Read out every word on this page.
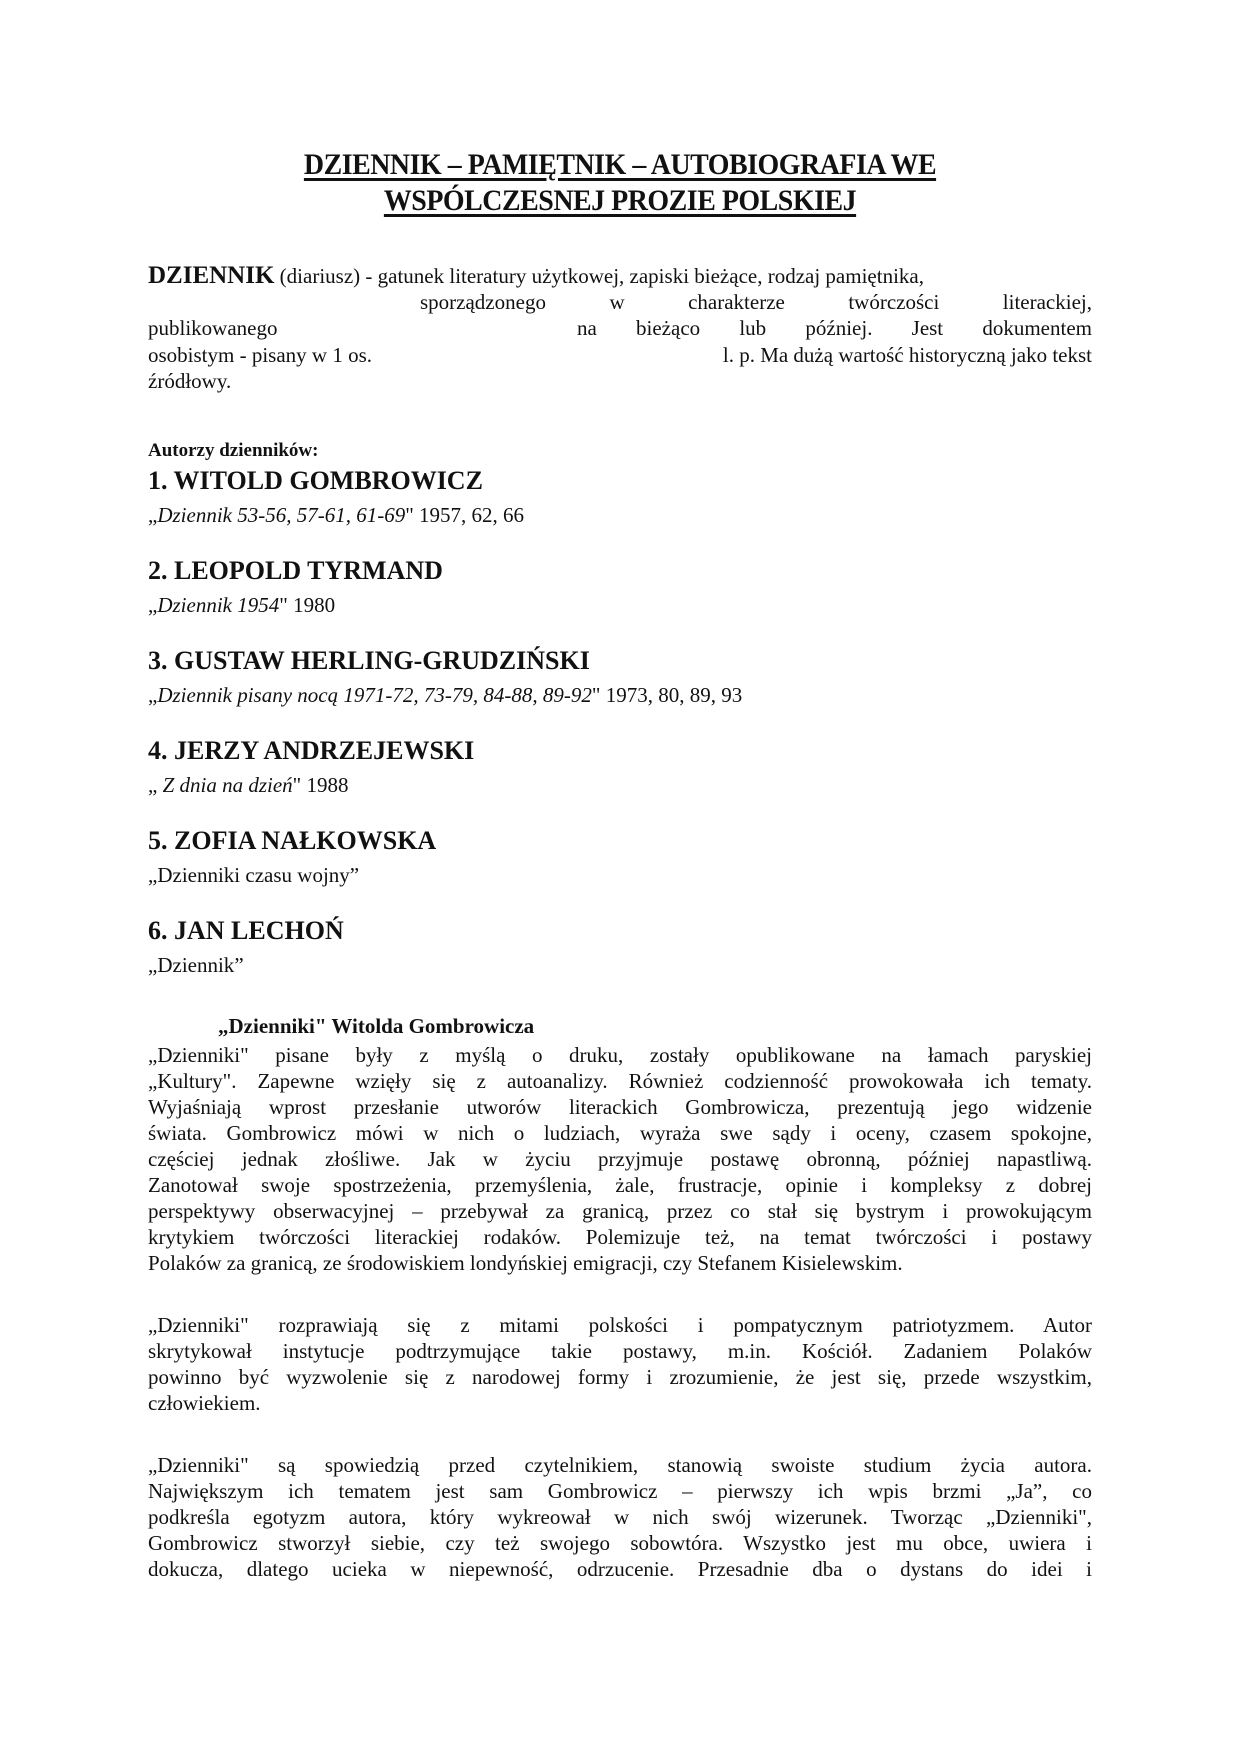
DZIENNIK – PAMIĘTNIK – AUTOBIOGRAFIA WE
WSPÓLCZESNEJ PROZIE POLSKIEJ
DZIENNIK (diariusz) - gatunek literatury użytkowej, zapiski bieżące, rodzaj pamiętnika,
sporządzonego w charakterze twórczości literackiej,
publikowanego	na bieżąco lub później. Jest dokumentem
osobistym - pisany w 1 os.	l. p. Ma dużą wartość historyczną jako tekst
źródłowy.
Autorzy dzienników:
1. WITOLD GOMBROWICZ
„Dziennik 53-56, 57-61, 61-69" 1957, 62, 66
2. LEOPOLD TYRMAND
„Dziennik 1954" 1980
3. GUSTAW HERLING-GRUDZIŃSKI
„Dziennik pisany nocą 1971-72, 73-79, 84-88, 89-92" 1973, 80, 89, 93
4. JERZY ANDRZEJEWSKI
„ Z dnia na dzień" 1988
5. ZOFIA NAŁKOWSKA
„Dzienniki czasu wojny”
6. JAN LECHOŃ
„Dziennik”
„Dzienniki" Witolda Gombrowicza
„Dzienniki" pisane były z myślą o druku, zostały opublikowane na łamach paryskiej
„Kultury". Zapewne wzięły się z autoanalizy. Również codzienność prowokowała ich tematy.
Wyjaśniają wprost przesłanie utworów literackich Gombrowicza, prezentują jego widzenie
świata. Gombrowicz mówi w nich o ludziach, wyraża swe sądy i oceny, czasem spokojne,
częściej jednak złośliwe. Jak w życiu przyjmuje postawę obronną, później napastliwą.
Zanotował swoje spostrzeżenia, przemyślenia, żale, frustracje, opinie i kompleksy z dobrej
perspektywy obserwacyjnej – przebywał za granicą, przez co stał się bystrym i prowokującym
krytykiem twórczości literackiej rodaków. Polemizuje też, na temat twórczości i postawy
Polaków za granicą, ze środowiskiem londyńskiej emigracji, czy Stefanem Kisielewskim.
„Dzienniki" rozprawiają się z mitami polskości i pompatycznym patriotyzmem. Autor
skrytykował instytucje podtrzymujące takie postawy, m.in. Kościół. Zadaniem Polaków
powinno być wyzwolenie się z narodowej formy i zrozumienie, że jest się, przede wszystkim,
człowiekiem.
„Dzienniki" są spowiedzią przed czytelnikiem, stanowią swoiste studium życia autora.
Największym ich tematem jest sam Gombrowicz – pierwszy ich wpis brzmi „Ja”, co
podkreśla egotyzm autora, który wykreował w nich swój wizerunek. Tworząc „Dzienniki",
Gombrowicz stworzył siebie, czy też swojego sobowtóra. Wszystko jest mu obce, uwiera i
dokucza, dlatego ucieka w niepewność, odrzucenie. Przesadnie dba o dystans do idei i
